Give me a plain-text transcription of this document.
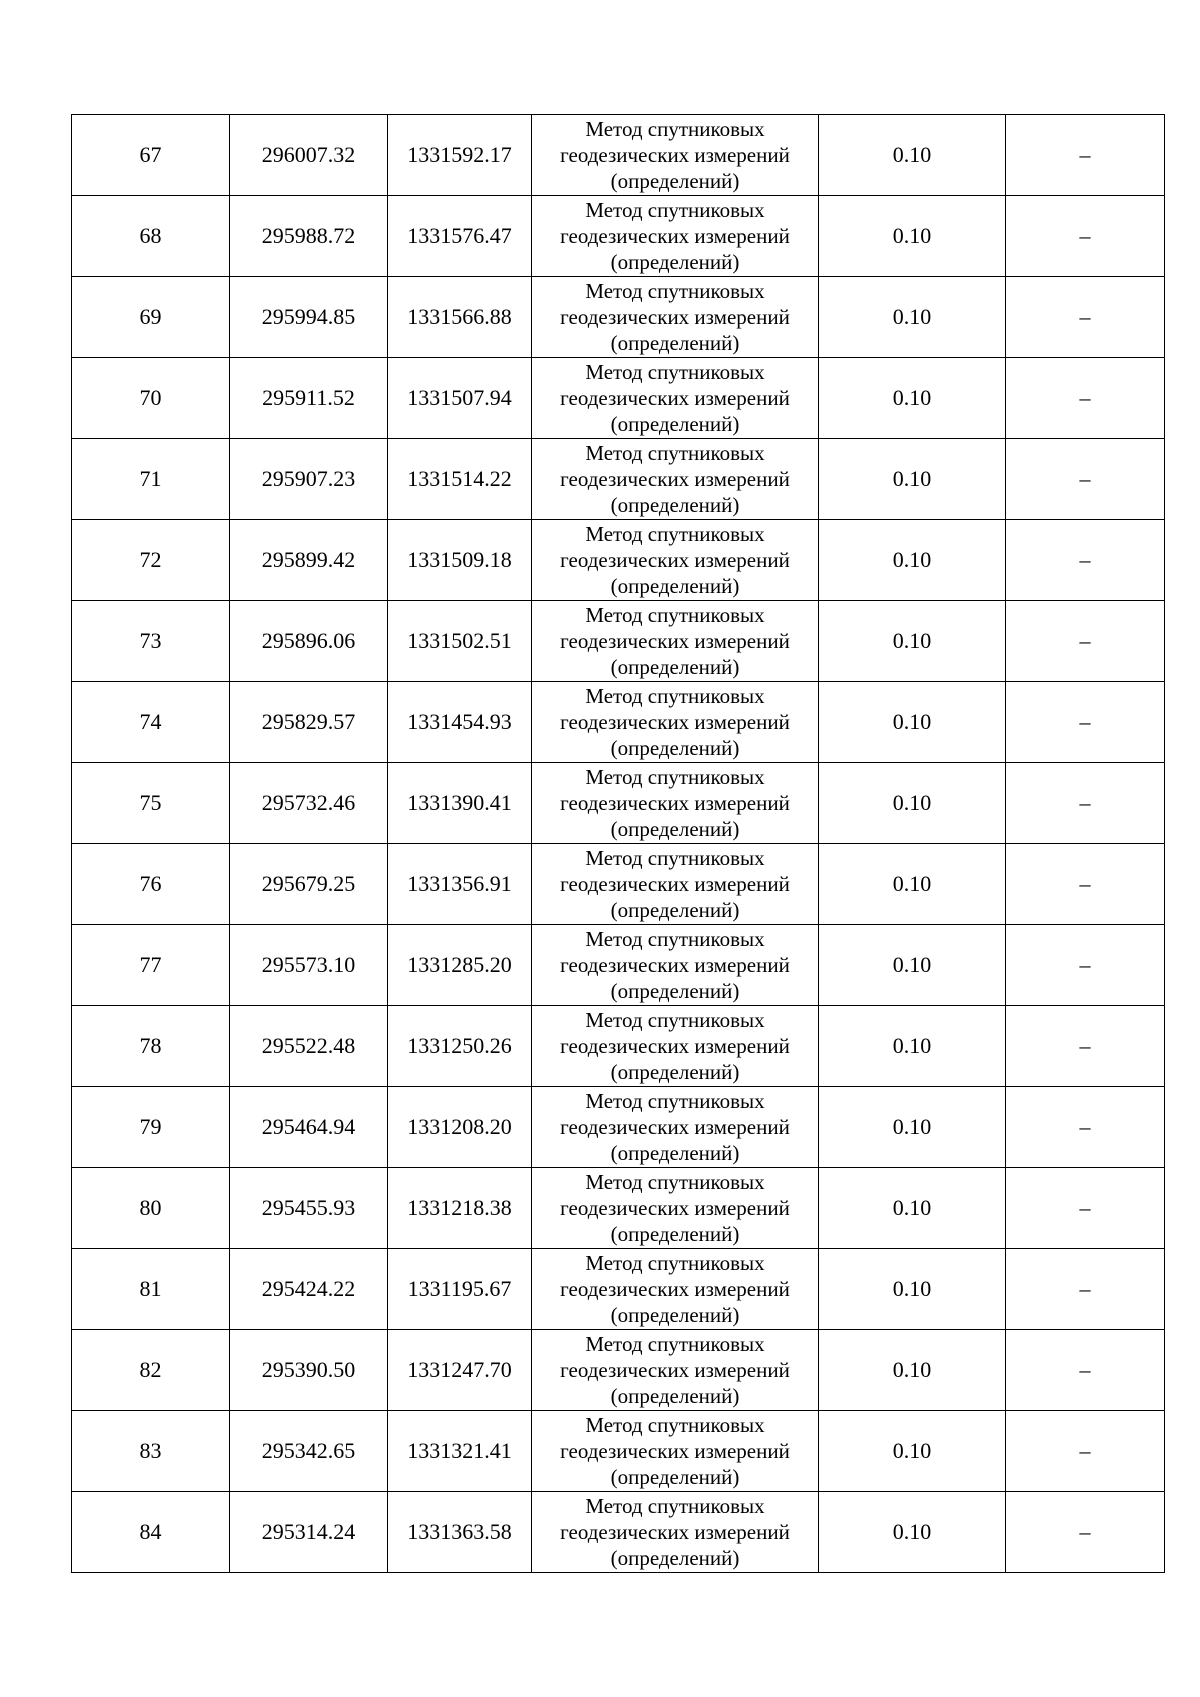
67	296007.32	1331592.17	Метод спутниковых
геодезических измерений
(определений)	0.10	–
68	295988.72	1331576.47	Метод спутниковых
геодезических измерений
(определений)	0.10	–
69	295994.85	1331566.88	Метод спутниковых
геодезических измерений
(определений)	0.10	–
70	295911.52	1331507.94	Метод спутниковых
геодезических измерений
(определений)	0.10	–
71	295907.23	1331514.22	Метод спутниковых
геодезических измерений
(определений)	0.10	–
72	295899.42	1331509.18	Метод спутниковых
геодезических измерений
(определений)	0.10	–
73	295896.06	1331502.51	Метод спутниковых
геодезических измерений
(определений)	0.10	–
74	295829.57	1331454.93	Метод спутниковых
геодезических измерений
(определений)	0.10	–
75	295732.46	1331390.41	Метод спутниковых
геодезических измерений
(определений)	0.10	–
76	295679.25	1331356.91	Метод спутниковых
геодезических измерений
(определений)	0.10	–
77	295573.10	1331285.20	Метод спутниковых
геодезических измерений
(определений)	0.10	–
78	295522.48	1331250.26	Метод спутниковых
геодезических измерений
(определений)	0.10	–
79	295464.94	1331208.20	Метод спутниковых
геодезических измерений
(определений)	0.10	–
80	295455.93	1331218.38	Метод спутниковых
геодезических измерений
(определений)	0.10	–
81	295424.22	1331195.67	Метод спутниковых
геодезических измерений
(определений)	0.10	–
82	295390.50	1331247.70	Метод спутниковых
геодезических измерений
(определений)	0.10	–
83	295342.65	1331321.41	Метод спутниковых
геодезических измерений
(определений)	0.10	–
84	295314.24	1331363.58	Метод спутниковых
геодезических измерений
(определений)	0.10	–
